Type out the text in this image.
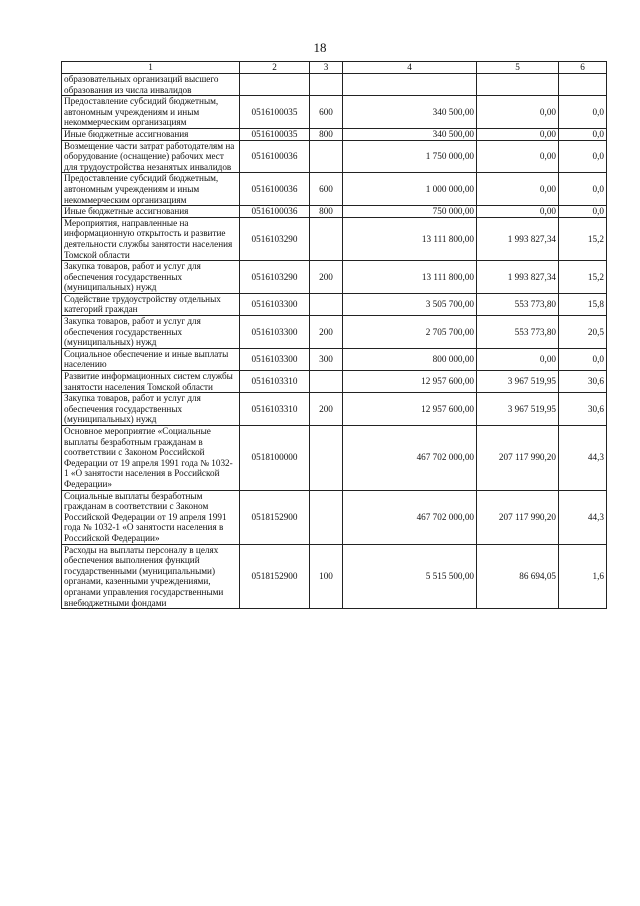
18
1	2	3	4	5	6
образовательных организаций высшего образования из числа инвалидов					
Предоставление субсидий бюджетным, автономным учреждениям и иным некоммерческим организациям	0516100035	600	340 500,00	0,00	0,0
Иные бюджетные ассигнования	0516100035	800	340 500,00	0,00	0,0
Возмещение части затрат работодателям на оборудование (оснащение) рабочих мест для трудоустройства незанятых инвалидов	0516100036		1 750 000,00	0,00	0,0
Предоставление субсидий бюджетным, автономным учреждениям и иным некоммерческим организациям	0516100036	600	1 000 000,00	0,00	0,0
Иные бюджетные ассигнования	0516100036	800	750 000,00	0,00	0,0
Мероприятия, направленные на информационную открытость и развитие деятельности службы занятости населения Томской области	0516103290		13 111 800,00	1 993 827,34	15,2
Закупка товаров, работ и услуг для обеспечения государственных (муниципальных) нужд	0516103290	200	13 111 800,00	1 993 827,34	15,2
Содействие трудоустройству отдельных категорий граждан	0516103300		3 505 700,00	553 773,80	15,8
Закупка товаров, работ и услуг для обеспечения государственных (муниципальных) нужд	0516103300	200	2 705 700,00	553 773,80	20,5
Социальное обеспечение и иные выплаты населению	0516103300	300	800 000,00	0,00	0,0
Развитие информационных систем службы занятости населения Томской области	0516103310		12 957 600,00	3 967 519,95	30,6
Закупка товаров, работ и услуг для обеспечения государственных (муниципальных) нужд	0516103310	200	12 957 600,00	3 967 519,95	30,6
Основное мероприятие «Социальные выплаты безработным гражданам в соответствии с Законом Российской Федерации от 19 апреля 1991 года № 1032-1 «О занятости населения в Российской Федерации»	0518100000		467 702 000,00	207 117 990,20	44,3
Социальные выплаты безработным гражданам в соответствии с Законом Российской Федерации от 19 апреля 1991 года № 1032-1 «О занятости населения в Российской Федерации»	0518152900		467 702 000,00	207 117 990,20	44,3
Расходы на выплаты персоналу в целях обеспечения выполнения функций государственными (муниципальными) органами, казенными учреждениями, органами управления государственными внебюджетными фондами	0518152900	100	5 515 500,00	86 694,05	1,6
